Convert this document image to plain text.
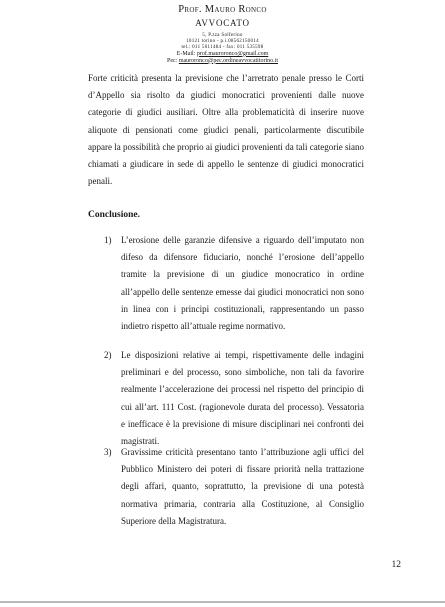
Prof. Mauro Ronco
AVVOCATO
5, P.zza Solferino
10121 torino - p.i.08562150014
tel.: 011 5611484 - fax: 011 535598
E-Mail: prof.mauroronco@gmail.com
Pec: mauroronco@pec.ordineavvocatitorino.it

Forte criticità presenta la previsione che l’arretrato penale presso le Corti d’Appello sia risolto da giudici monocratici provenienti dalle nuove categorie di giudici ausiliari. Oltre alla problematicità di inserire nuove aliquote di pensionati come giudici penali, particolarmente discutibile appare la possibilità che proprio ai giudici provenienti da tali categorie siano chiamati a giudicare in sede di appello le sentenze di giudici monocratici penali.

Conclusione.
1) L’erosione delle garanzie difensive a riguardo dell’imputato non difeso da difensore fiduciario, nonché l’erosione dell’appello tramite la previsione di un giudice monocratico in ordine all’appello delle sentenze emesse dai giudici monocratici non sono in linea con i principi costituzionali, rappresentando un passo indietro rispetto all’attuale regime normativo.
2) Le disposizioni relative ai tempi, rispettivamente delle indagini preliminari e del processo, sono simboliche, non tali da favorire realmente l’accelerazione dei processi nel rispetto del principio di cui all’art. 111 Cost. (ragionevole durata del processo). Vessatoria e inefficace è la previsione di misure disciplinari nei confronti dei magistrati.
3) Gravissime criticità presentano tanto l’attribuzione agli uffici del Pubblico Ministero dei poteri di fissare priorità nella trattazione degli affari, quanto, soprattutto, la previsione di una potestà normativa primaria, contraria alla Costituzione, al Consiglio Superiore della Magistratura.
12
